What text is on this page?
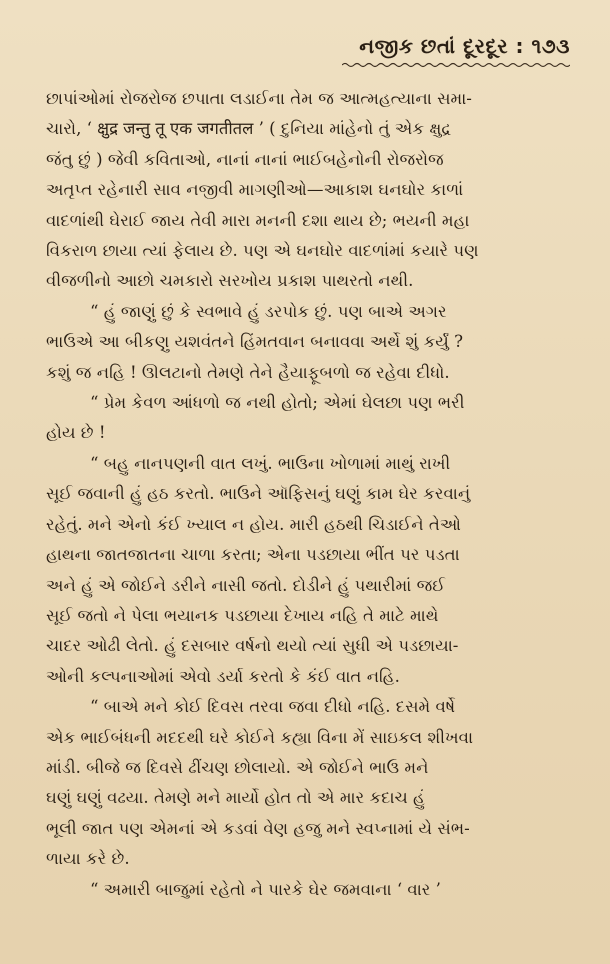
નજીક છતાં દૂરદૂર : ૧૭૩

છાપાંઓમાં રોજરોજ છપાતા લડાઈના તેમ જ આત્મહત્યાના સમા-
ચારો, ‘ क्षुद्र जन्तु तू एक जगतीतल ’ ( દુનિયા માંહેનો તું એક ક્ષુદ્ર
જંતુ છું ) જેવી કવિતાઓ, નાનાં નાનાં ભાઈબહેનોની રોજરોજ
અતૃપ્ત રહેનારી સાવ નજીવી માગણીઓ—આકાશ ઘનઘોર કાળાં
વાદળાંથી ઘેરાઈ જાય તેવી મારા મનની દશા થાય છે; ભયની મહા
વિકરાળ છાયા ત્યાં ફેલાય છે. પણ એ ઘનઘોર વાદળાંમાં કયારે પણ
વીજળીનો આછો ચમકારો સરખોય પ્રકાશ પાથરતો નથી.

“ હું જાણું છું કે સ્વભાવે હું ડરપોક છું. પણ બાએ અગર
ભાઉએ આ બીકણુ યશવંતને હિંમતવાન બનાવવા અર્થે શું કર્યું ?
કશું જ નહિ ! ઊલટાનો તેમણે તેને હૈયાફૂબળો જ રહેવા દીધો.

“ પ્રેમ કેવળ આંધળો જ નથી હોતો; એમાં ઘેલછા પણ ભરી
હોય છે !

“ બહુ નાનપણની વાત લખું. ભાઉના ખોળામાં માથું રાખી
સૂઈ જવાની હું હઠ કરતો. ભાઉને ઑફિસનું ઘણું કામ ઘેર કરવાનું
રહેતું. મને એનો કંઈ ખ્યાલ ન હોય. મારી હઠથી ચિડાઈને તેઓ
હાથના જાતજાતના ચાળા કરતા; એના પડછાયા ભીંત પર પડતા
અને હું એ જોઈને ડરીને નાસી જતો. દોડીને હું પથારીમાં જઈ
સૂઈ જતો ને પેલા ભયાનક પડછાયા દેખાય નહિ તે માટે માથે
ચાદર ઓઢી લેતો. હું દસબાર વર્ષનો થયો ત્યાં સુધી એ પડછાયા-
ઓની કલ્પનાઓમાં એવો ડર્યા કરતો કે કંઈ વાત નહિ.

“ બાએ મને કોઈ દિવસ તરવા જવા દીધો નહિ. દસમે વર્ષે
એક ભાઈબંધની મદદથી ઘરે કોઈને કહ્યા વિના મેં સાઇકલ શીખવા
માંડી. બીજે જ દિવસે ઢીંચણ છોલાયો. એ જોઈને ભાઉ મને
ઘણું ઘણું વઢયા. તેમણે મને માર્યો હોત તો એ માર કદાચ હું
ભૂલી જાત પણ એમનાં એ કડવાં વેણ હજુ મને સ્વપ્નામાં યે સંભ-
ળાયા કરે છે.

“ અમારી બાજુમાં રહેતો ને પારકે ઘેર જમવાના ‘ વાર ’
